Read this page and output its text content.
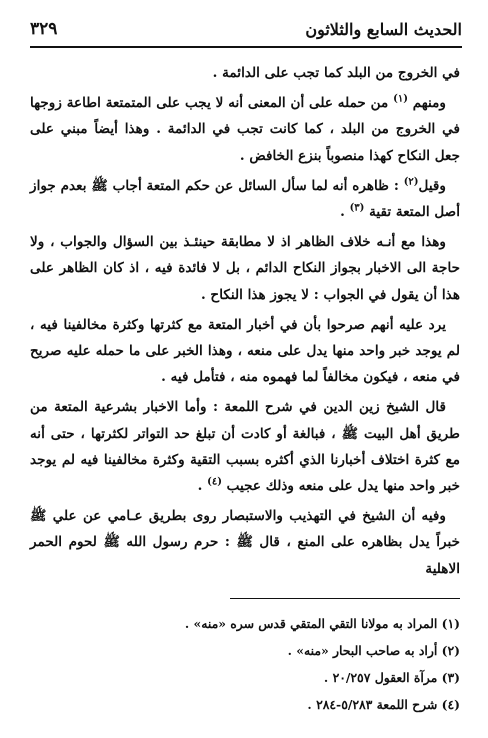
الحديث السابع والثلاثون
٣٢٩

في الخروج من البلد كما تجب على الدائمة .

ومنهم $^{(١)}$ من حمله على أن المعنى أنه لا يجب على المتمتعة اطاعة زوجها في الخروج من البلد ، كما كانت تجب في الدائمة . وهذا أيضاً مبني على جعل النكاح كهذا منصوباً بنزع الخافض .

وقيل$^{(٢)}$ : ظاهره أنه لما سأل السائل عن حكم المتعة أجاب ﷺ بعدم جواز أصل المتعة تقية $^{(٣)}$ .

وهذا مع أنـه خلاف الظاهر اذ لا مطابقة حينئـذ بين السؤال والجواب ، ولا حاجة الى الاخبار بجواز النكاح الدائم ، بل لا فائدة فيه ، اذ كان الظاهر على هذا أن يقول في الجواب : لا يجوز هذا النكاح .

يرد عليه أنهم صرحوا بأن في أخبار المتعة مع كثرتها وكثرة مخالفينا فيه ، لم يوجد خبر واحد منها يدل على منعه ، وهذا الخبر على ما حمله عليه صريح في منعه ، فيكون مخالفاً لما فهموه منه ، فتأمل فيه .

قال الشيخ زين الدين في شرح اللمعة : وأما الاخبار بشرعية المتعة من طريق أهل البيت ﷺ ، فبالغة أو كادت أن تبلغ حد التواتر لكثرتها ، حتى أنه مع كثرة اختلاف أخبارنا الذي أكثره بسبب التقية وكثرة مخالفينا فيه لم يوجد خبر واحد منها يدل على منعه وذلك عجيب $^{(٤)}$ .

وفيه أن الشيخ في التهذيب والاستبصار روى بطريق عـامي عن علي ﷺ خبراً يدل بظاهره على المنع ، قال ﷺ : حرم رسول الله ﷺ لحوم الحمر الاهلية

(١) المراد به مولانا التقي المتقي قدس سره «منه» .

(٢) أراد به صاحب البحار «منه» .

(٣) مرآة العقول ٢٠/٢٥٧ .

(٤) شرح اللمعة ٥/٢٨٣-٢٨٤ .
